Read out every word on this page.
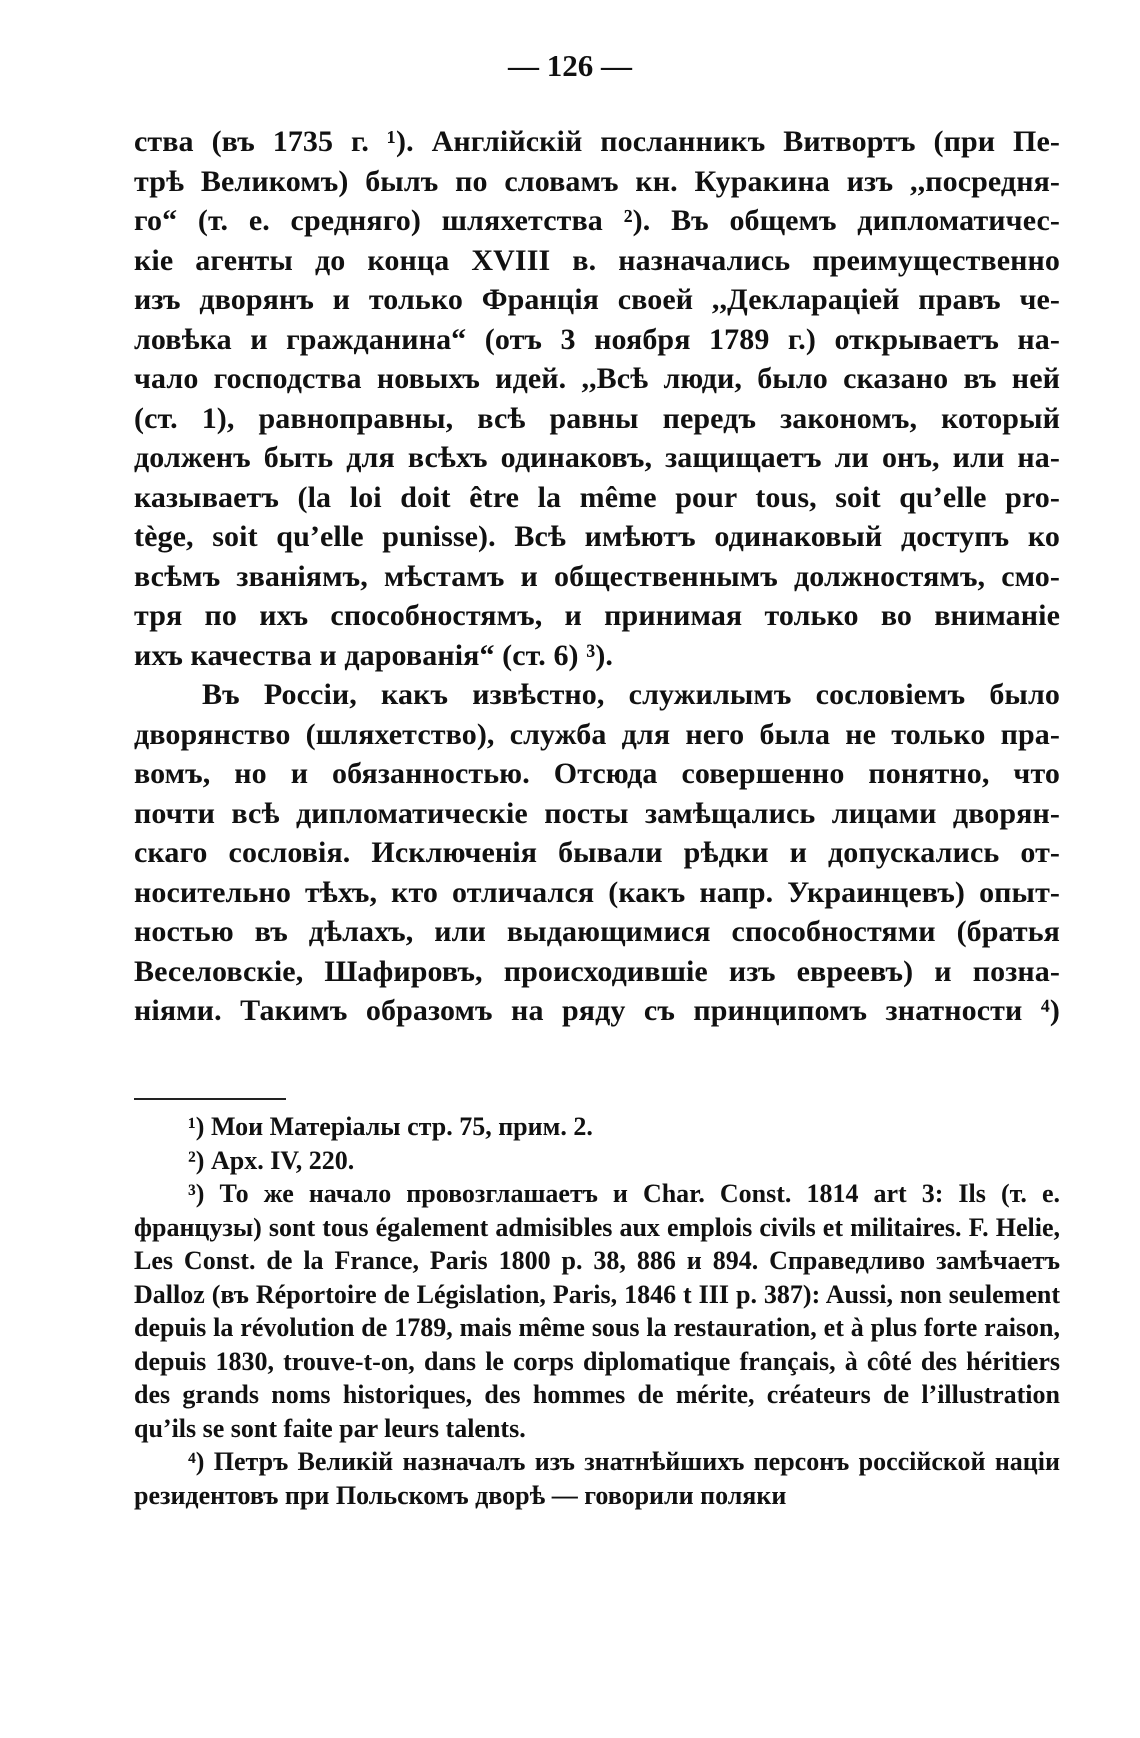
— 126 —

ства (въ 1735 г. ¹). Англійскій посланникъ Витвортъ (при Пе-
трѣ Великомъ) былъ по словамъ кн. Куракина изъ ,,посредня-
го“ (т. е. средняго) шляхетства ²). Въ общемъ дипломатичес-
кіе агенты до конца XVIII в. назначались преимущественно
изъ дворянъ и только Франція своей ,,Декларацiей правъ че-
ловѣка и гражданина“ (отъ 3 ноября 1789 г.) открываетъ на-
чало господства новыхъ идей. ,,Всѣ люди, было сказано въ ней
(ст. 1), равноправны, всѣ равны передъ закономъ, который
долженъ быть для всѣхъ одинаковъ, защищаетъ ли онъ, или на-
казываетъ (la loi doit être la même pour tous, soit qu’elle pro-
tège, soit qu’elle punisse). Всѣ имѣютъ одинаковый доступъ ко
всѣмъ званіямъ, мѣстамъ и общественнымъ должностямъ, смо-
тря по ихъ способностямъ, и принимая только во вниманіе
ихъ качества и дарованія“ (ст. 6) ³).

Въ Россіи, какъ извѣстно, служилымъ сословіемъ было
дворянство (шляхетство), служба для него была не только пра-
вомъ, но и обязанностью. Отсюда совершенно понятно, что
почти всѣ дипломатическіе посты замѣщались лицами дворян-
скаго сословія. Исключенія бывали рѣдки и допускались от-
носительно тѣхъ, кто отличался (какъ напр. Украинцевъ) опыт-
ностью въ дѣлахъ, или выдающимися способностями (братья
Веселовскіе, Шафировъ, происходившіе изъ евреевъ) и позна-
ніями. Такимъ образомъ на ряду съ принципомъ знатности ⁴)

¹) Мои Матеріалы стр. 75, прим. 2.

²) Арх. IV, 220.

³) То же начало провозглашаетъ и Char. Const. 1814 art 3: Ils (т. е. французы) sont tous également admisibles aux emplois civils et militaires. F. Helie, Les Const. de la France, Paris 1800 p. 38, 886 и 894. Справедливо замѣчаетъ Dalloz (въ Réportoire de Législation, Paris, 1846 t III p. 387): Aussi, non seulement depuis la révolution de 1789, mais même sous la restauration, et à plus forte raison, depuis 1830, trouve-t-on, dans le corps diplomatique français, à côté des héritiers des grands noms historiques, des hommes de mérite, créateurs de l’illustration qu’ils se sont faite par leurs talents.

⁴) Петръ Великій назначалъ изъ знатнѣйшихъ персонъ россійской націи резидентовъ при Польскомъ дворѣ — говорили поляки
